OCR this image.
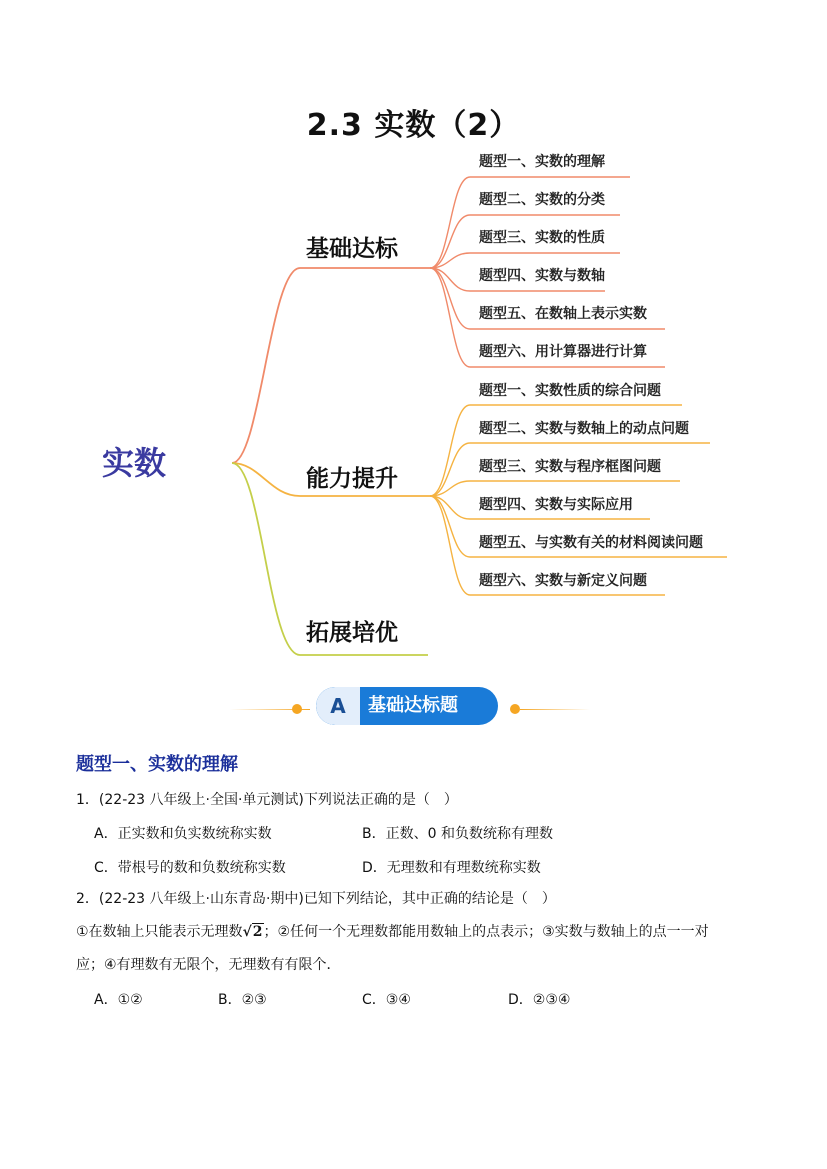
2.3 实数（2）
实数
基础达标
能力提升
拓展培优
题型一、实数的理解
题型二、实数的分类
题型三、实数的性质
题型四、实数与数轴
题型五、在数轴上表示实数
题型六、用计算器进行计算
题型一、实数性质的综合问题
题型二、实数与数轴上的动点问题
题型三、实数与程序框图问题
题型四、实数与实际应用
题型五、与实数有关的材料阅读问题
题型六、实数与新定义问题
A	基础达标题
题型一、实数的理解
1．(22-23 八年级上·全国·单元测试)下列说法正确的是（　）
A．正实数和负实数统称实数	B．正数、0 和负数统称有理数
C．带根号的数和负数统称实数	D．无理数和有理数统称实数
2．(22-23 八年级上·山东青岛·期中)已知下列结论，其中正确的结论是（　）
①在数轴上只能表示无理数√2；②任何一个无理数都能用数轴上的点表示；③实数与数轴上的点一一对
应；④有理数有无限个，无理数有有限个．
A．①②	B．②③	C．③④	D．②③④
